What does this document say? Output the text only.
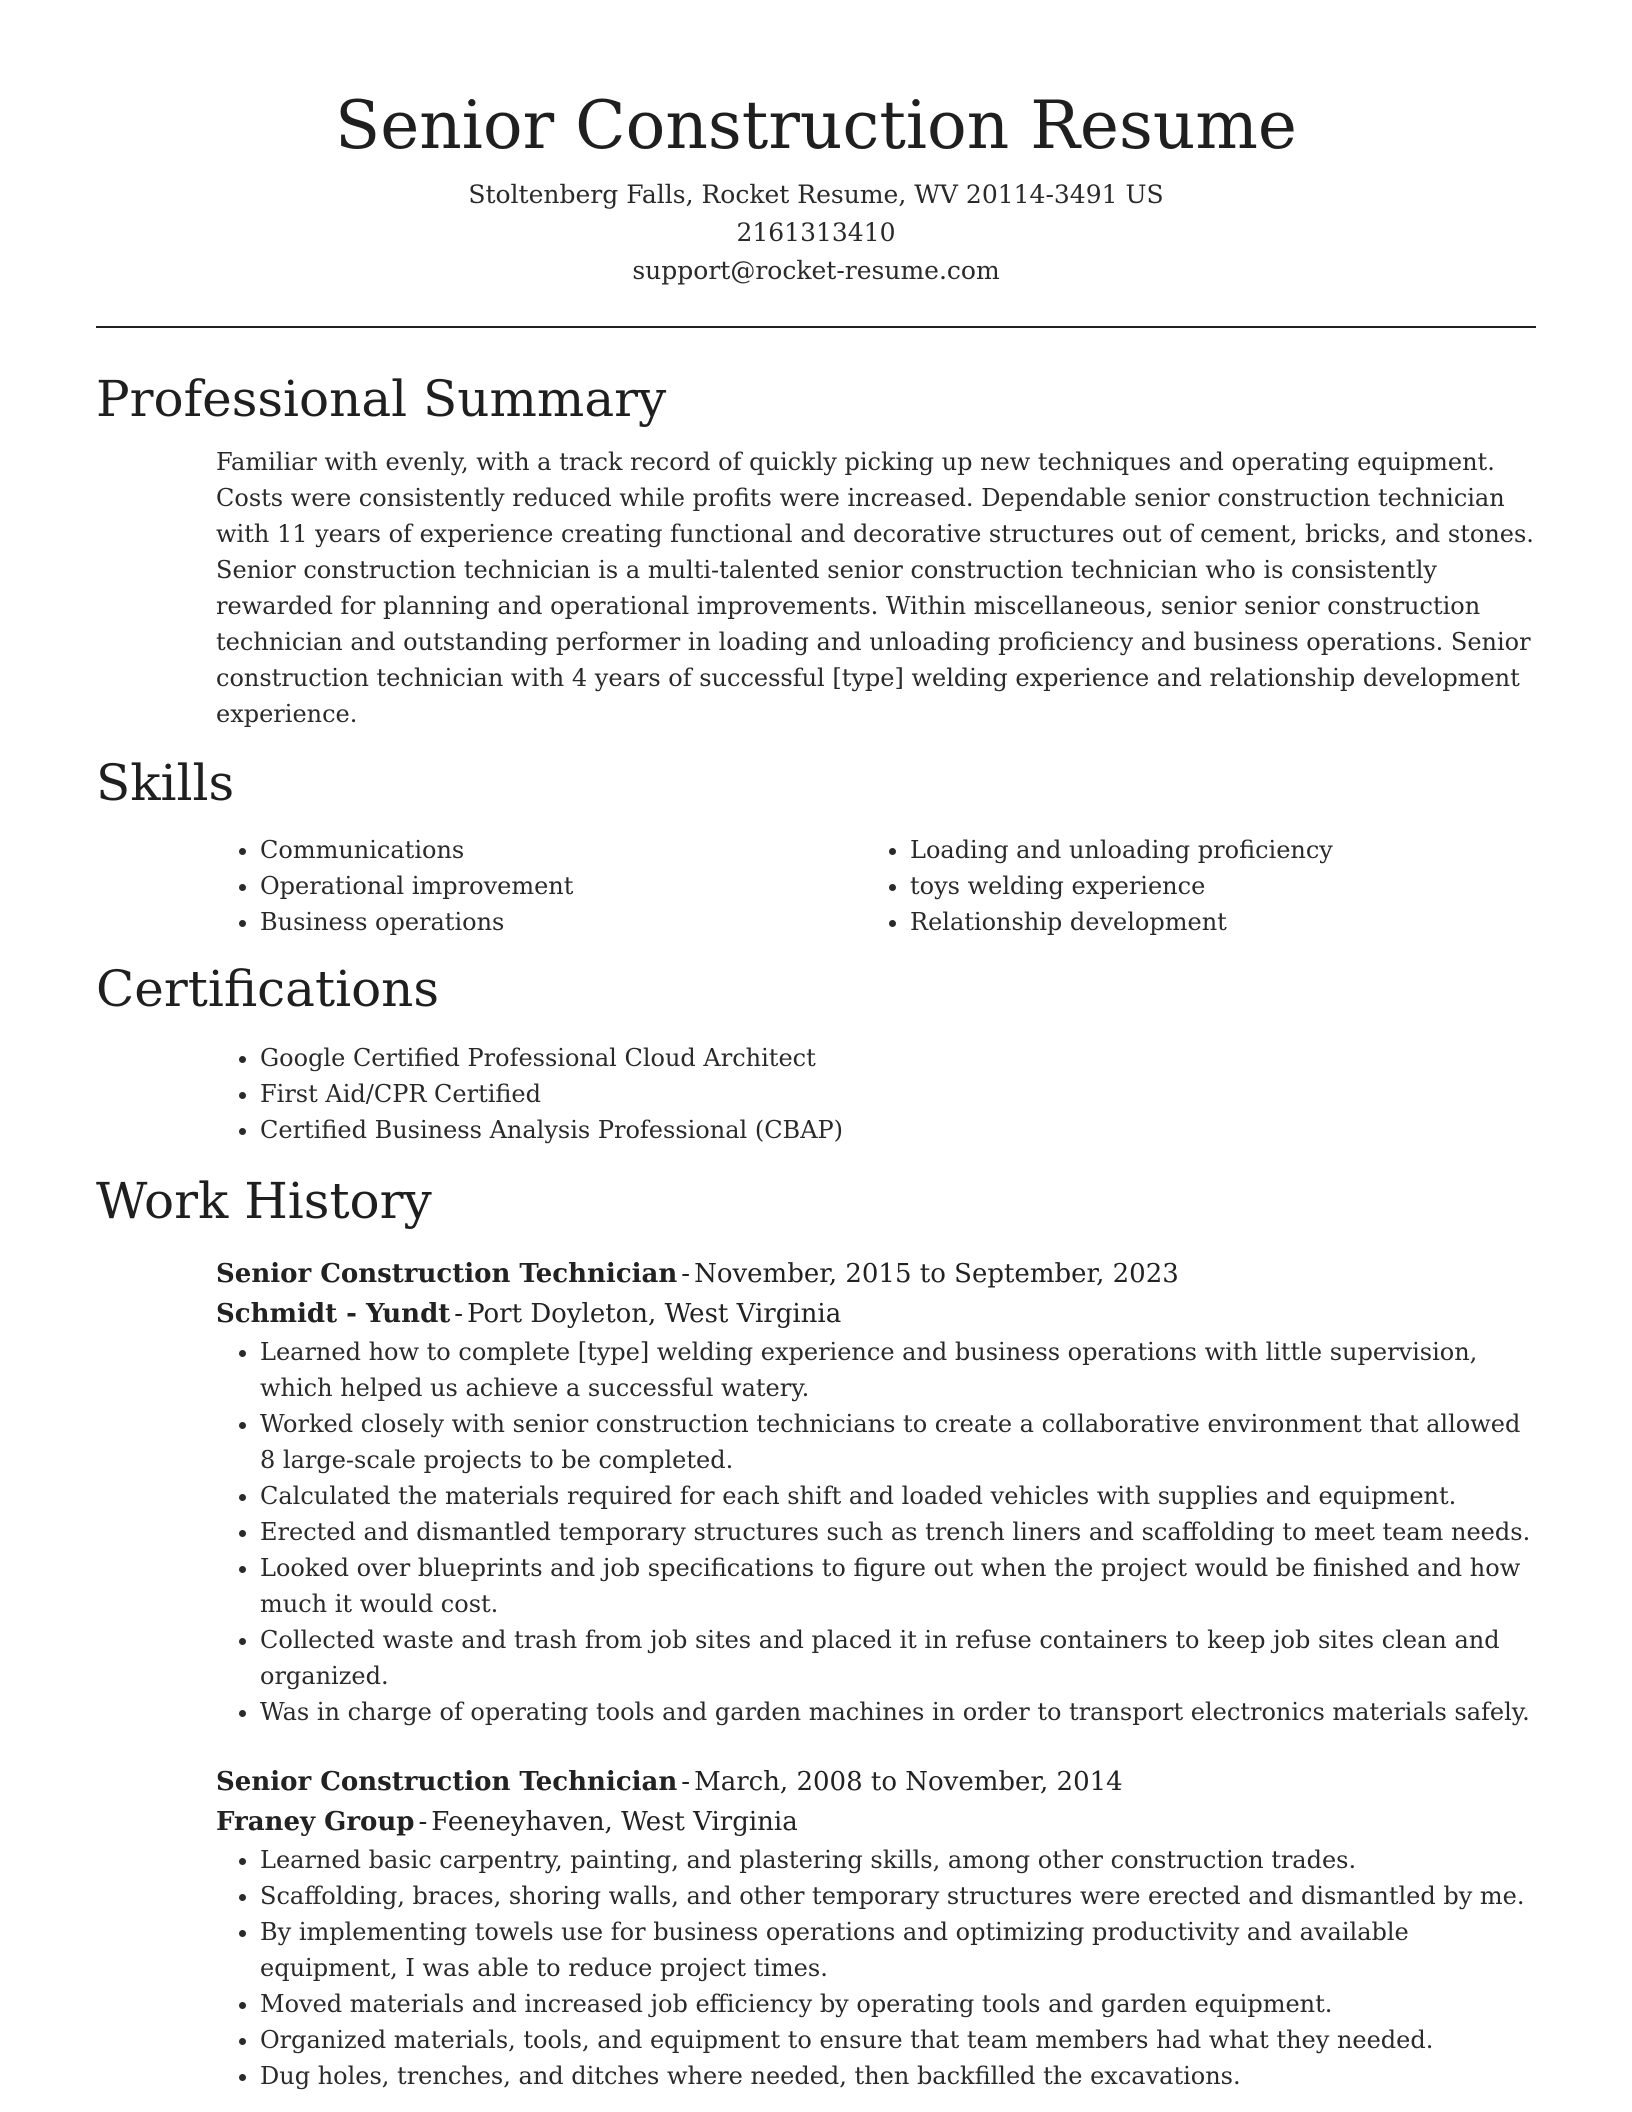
Senior Construction Resume
Stoltenberg Falls, Rocket Resume, WV 20114-3491 US
2161313410
support@rocket-resume.com
Professional Summary

Familiar with evenly, with a track record of quickly picking up new techniques and operating equipment. Costs were consistently reduced while profits were increased. Dependable senior construction technician with 11 years of experience creating functional and decorative structures out of cement, bricks, and stones. Senior construction technician is a multi-talented senior construction technician who is consistently rewarded for planning and operational improvements. Within miscellaneous, senior senior construction technician and outstanding performer in loading and unloading proficiency and business operations. Senior construction technician with 4 years of successful [type] welding experience and relationship development experience.

Skills
• Communications
• Operational improvement
• Business operations
• Loading and unloading proficiency
• toys welding experience
• Relationship development
Certifications
• Google Certified Professional Cloud Architect
• First Aid/CPR Certified
• Certified Business Analysis Professional (CBAP)
Work History
Senior Construction Technician - November, 2015 to September, 2023
Schmidt - Yundt - Port Doyleton, West Virginia
• Learned how to complete [type] welding experience and business operations with little supervision, which helped us achieve a successful watery.
• Worked closely with senior construction technicians to create a collaborative environment that allowed 8 large-scale projects to be completed.
• Calculated the materials required for each shift and loaded vehicles with supplies and equipment.
• Erected and dismantled temporary structures such as trench liners and scaffolding to meet team needs.
• Looked over blueprints and job specifications to figure out when the project would be finished and how much it would cost.
• Collected waste and trash from job sites and placed it in refuse containers to keep job sites clean and organized.
• Was in charge of operating tools and garden machines in order to transport electronics materials safely.
Senior Construction Technician - March, 2008 to November, 2014
Franey Group - Feeneyhaven, West Virginia
• Learned basic carpentry, painting, and plastering skills, among other construction trades.
• Scaffolding, braces, shoring walls, and other temporary structures were erected and dismantled by me.
• By implementing towels use for business operations and optimizing productivity and available equipment, I was able to reduce project times.
• Moved materials and increased job efficiency by operating tools and garden equipment.
• Organized materials, tools, and equipment to ensure that team members had what they needed.
• Dug holes, trenches, and ditches where needed, then backfilled the excavations.
